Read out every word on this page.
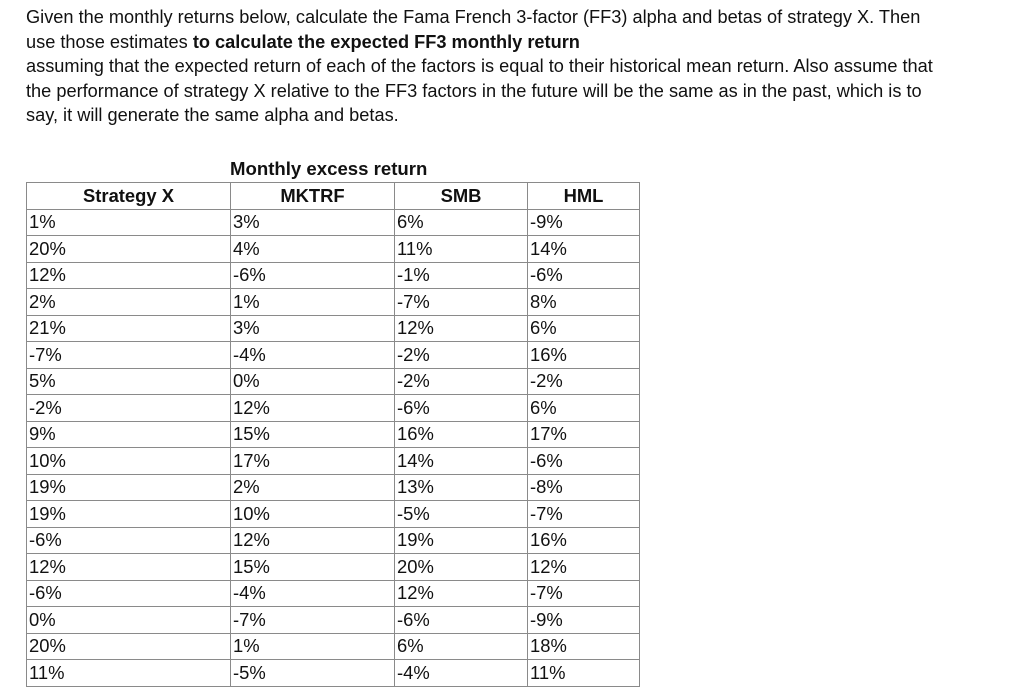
Given the monthly returns below, calculate the Fama French 3-factor (FF3) alpha and betas of strategy X. Then
use those estimates to calculate the expected FF3 monthly return
assuming that the expected return of each of the factors is equal to their historical mean return. Also assume that
the performance of strategy X relative to the FF3 factors in the future will be the same as in the past, which is to
say, it will generate the same alpha and betas.
Monthly excess return
Strategy X	MKTRF	SMB	HML
1%	3%	6%	-9%
20%	4%	11%	14%
12%	-6%	-1%	-6%
2%	1%	-7%	8%
21%	3%	12%	6%
-7%	-4%	-2%	16%
5%	0%	-2%	-2%
-2%	12%	-6%	6%
9%	15%	16%	17%
10%	17%	14%	-6%
19%	2%	13%	-8%
19%	10%	-5%	-7%
-6%	12%	19%	16%
12%	15%	20%	12%
-6%	-4%	12%	-7%
0%	-7%	-6%	-9%
20%	1%	6%	18%
11%	-5%	-4%	11%
